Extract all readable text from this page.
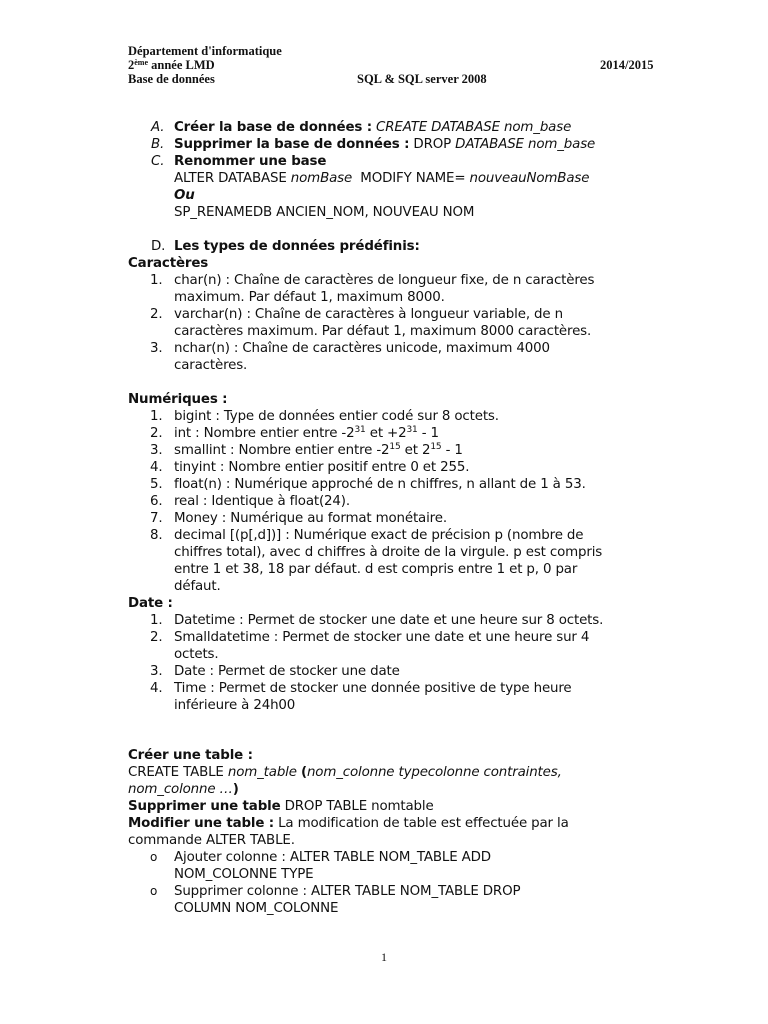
Département d'informatique
2ème année LMD	2014/2015
Base de données	SQL & SQL server 2008
A. Créer la base de données : CREATE DATABASE nom_base
B. Supprimer la base de données : DROP DATABASE nom_base
C. Renommer une base
ALTER DATABASE nomBase MODIFY NAME= nouveauNomBase
Ou
SP_RENAMEDB ANCIEN_NOM, NOUVEAU NOM
D. Les types de données prédéfinis:
Caractères
1. char(n) : Chaîne de caractères de longueur fixe, de n caractères
maximum. Par défaut 1, maximum 8000.
2. varchar(n) : Chaîne de caractères à longueur variable, de n
caractères maximum. Par défaut 1, maximum 8000 caractères.
3. nchar(n) : Chaîne de caractères unicode, maximum 4000
caractères.
Numériques :
1. bigint : Type de données entier codé sur 8 octets.
2. int : Nombre entier entre $-2^{31}$ et $+2^{31} - 1$
3. smallint : Nombre entier entre $-2^{15}$ et $2^{15} - 1$
4. tinyint : Nombre entier positif entre 0 et 255.
5. float(n) : Numérique approché de n chiffres, n allant de 1 à 53.
6. real : Identique à float(24).
7. Money : Numérique au format monétaire.
8. decimal [(p[,d])] : Numérique exact de précision p (nombre de
chiffres total), avec d chiffres à droite de la virgule. p est compris
entre 1 et 38, 18 par défaut. d est compris entre 1 et p, 0 par
défaut.
Date :
1. Datetime : Permet de stocker une date et une heure sur 8 octets.
2. Smalldatetime : Permet de stocker une date et une heure sur 4
octets.
3. Date : Permet de stocker une date
4. Time : Permet de stocker une donnée positive de type heure
inférieure à 24h00
Créer une table :
CREATE TABLE nom_table (nom_colonne typecolonne contraintes,
nom_colonne …)
Supprimer une table DROP TABLE nomtable
Modifier une table : La modification de table est effectuée par la
commande ALTER TABLE.
o Ajouter colonne : ALTER TABLE NOM_TABLE ADD
NOM_COLONNE TYPE
o Supprimer colonne : ALTER TABLE NOM_TABLE DROP
COLUMN NOM_COLONNE
1
